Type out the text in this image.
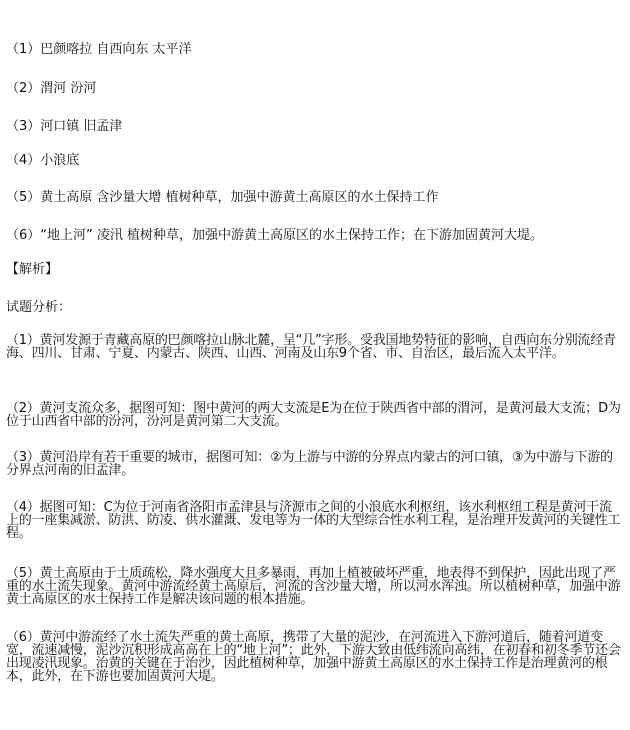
（1）巴颜喀拉 自西向东 太平洋
（2）渭河 汾河
（3）河口镇 旧孟津
（4）小浪底
（5）黄土高原 含沙量大增 植树种草，加强中游黄土高原区的水土保持工作
（6）“地上河” 凌汛 植树种草，加强中游黄土高原区的水土保持工作；在下游加固黄河大堤。
【解析】
试题分析：
（1）黄河发源于青藏高原的巴颜喀拉山脉北麓，呈“几”字形。受我国地势特征的影响，自西向东分别流经青海、四川、甘肃、宁夏、内蒙古、陕西、山西、河南及山东9个省、市、自治区，最后流入太平洋。
（2）黄河支流众多，据图可知：图中黄河的两大支流是E为在位于陕西省中部的渭河，是黄河最大支流；D为位于山西省中部的汾河，汾河是黄河第二大支流。
（3）黄河沿岸有若干重要的城市，据图可知：②为上游与中游的分界点内蒙古的河口镇，③为中游与下游的分界点河南的旧孟津。
（4）据图可知：C为位于河南省洛阳市孟津县与济源市之间的小浪底水利枢纽，该水利枢纽工程是黄河干流上的一座集减淤、防洪、防凌、供水灌溉、发电等为一体的大型综合性水利工程，是治理开发黄河的关键性工程。
（5）黄土高原由于土质疏松，降水强度大且多暴雨，再加上植被破坏严重，地表得不到保护，因此出现了严重的水土流失现象。黄河中游流经黄土高原后，河流的含沙量大增，所以河水浑浊。所以植树种草，加强中游黄土高原区的水土保持工作是解决该问题的根本措施。
（6）黄河中游流经了水土流失严重的黄土高原，携带了大量的泥沙，在河流进入下游河道后，随着河道变宽，流速减慢，泥沙沉积形成高高在上的“地上河”；此外，下游大致由低纬流向高纬，在初春和初冬季节还会出现凌汛现象。治黄的关键在于治沙，因此植树种草，加强中游黄土高原区的水土保持工作是治理黄河的根本，此外，在下游也要加固黄河大堤。
